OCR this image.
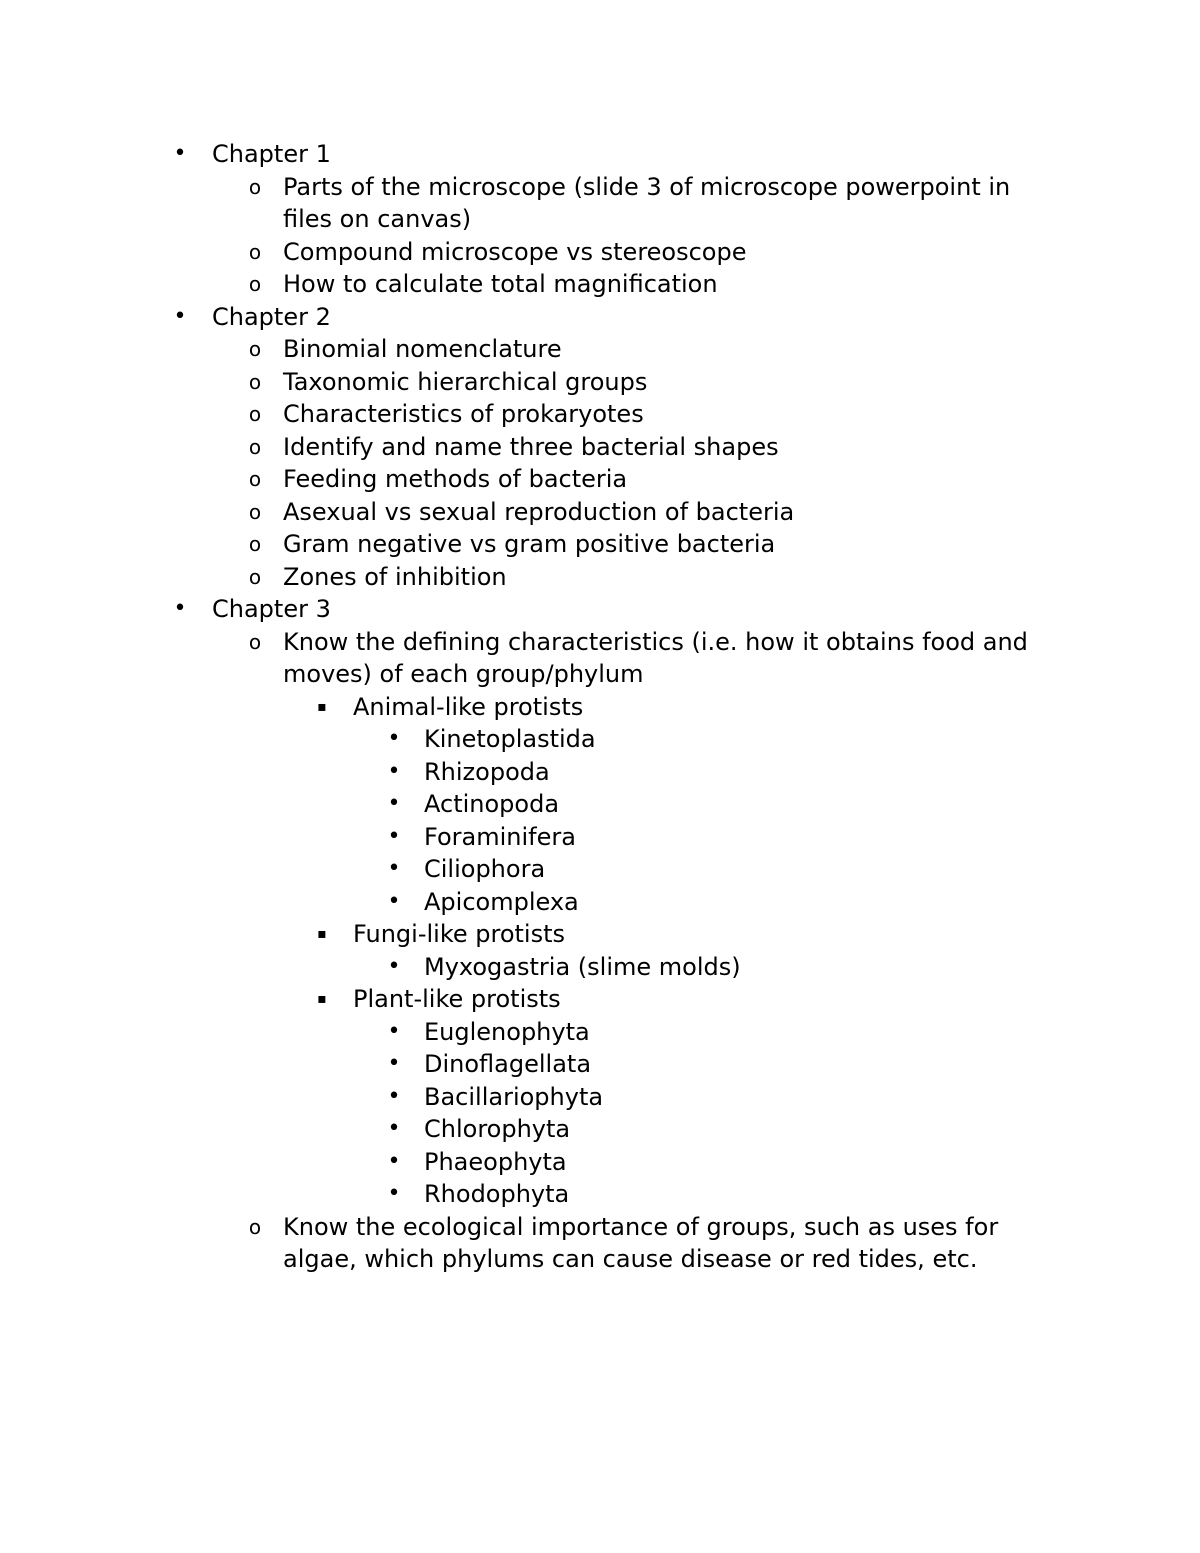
• Chapter 1
o Parts of the microscope (slide 3 of microscope powerpoint in files on canvas)
o Compound microscope vs stereoscope
o How to calculate total magnification
• Chapter 2
o Binomial nomenclature
o Taxonomic hierarchical groups
o Characteristics of prokaryotes
o Identify and name three bacterial shapes
o Feeding methods of bacteria
o Asexual vs sexual reproduction of bacteria
o Gram negative vs gram positive bacteria
o Zones of inhibition
• Chapter 3
o Know the defining characteristics (i.e. how it obtains food and moves) of each group/phylum
▪ Animal-like protists
• Kinetoplastida
• Rhizopoda
• Actinopoda
• Foraminifera
• Ciliophora
• Apicomplexa
▪ Fungi-like protists
• Myxogastria (slime molds)
▪ Plant-like protists
• Euglenophyta
• Dinoflagellata
• Bacillariophyta
• Chlorophyta
• Phaeophyta
• Rhodophyta
o Know the ecological importance of groups, such as uses for algae, which phylums can cause disease or red tides, etc.
